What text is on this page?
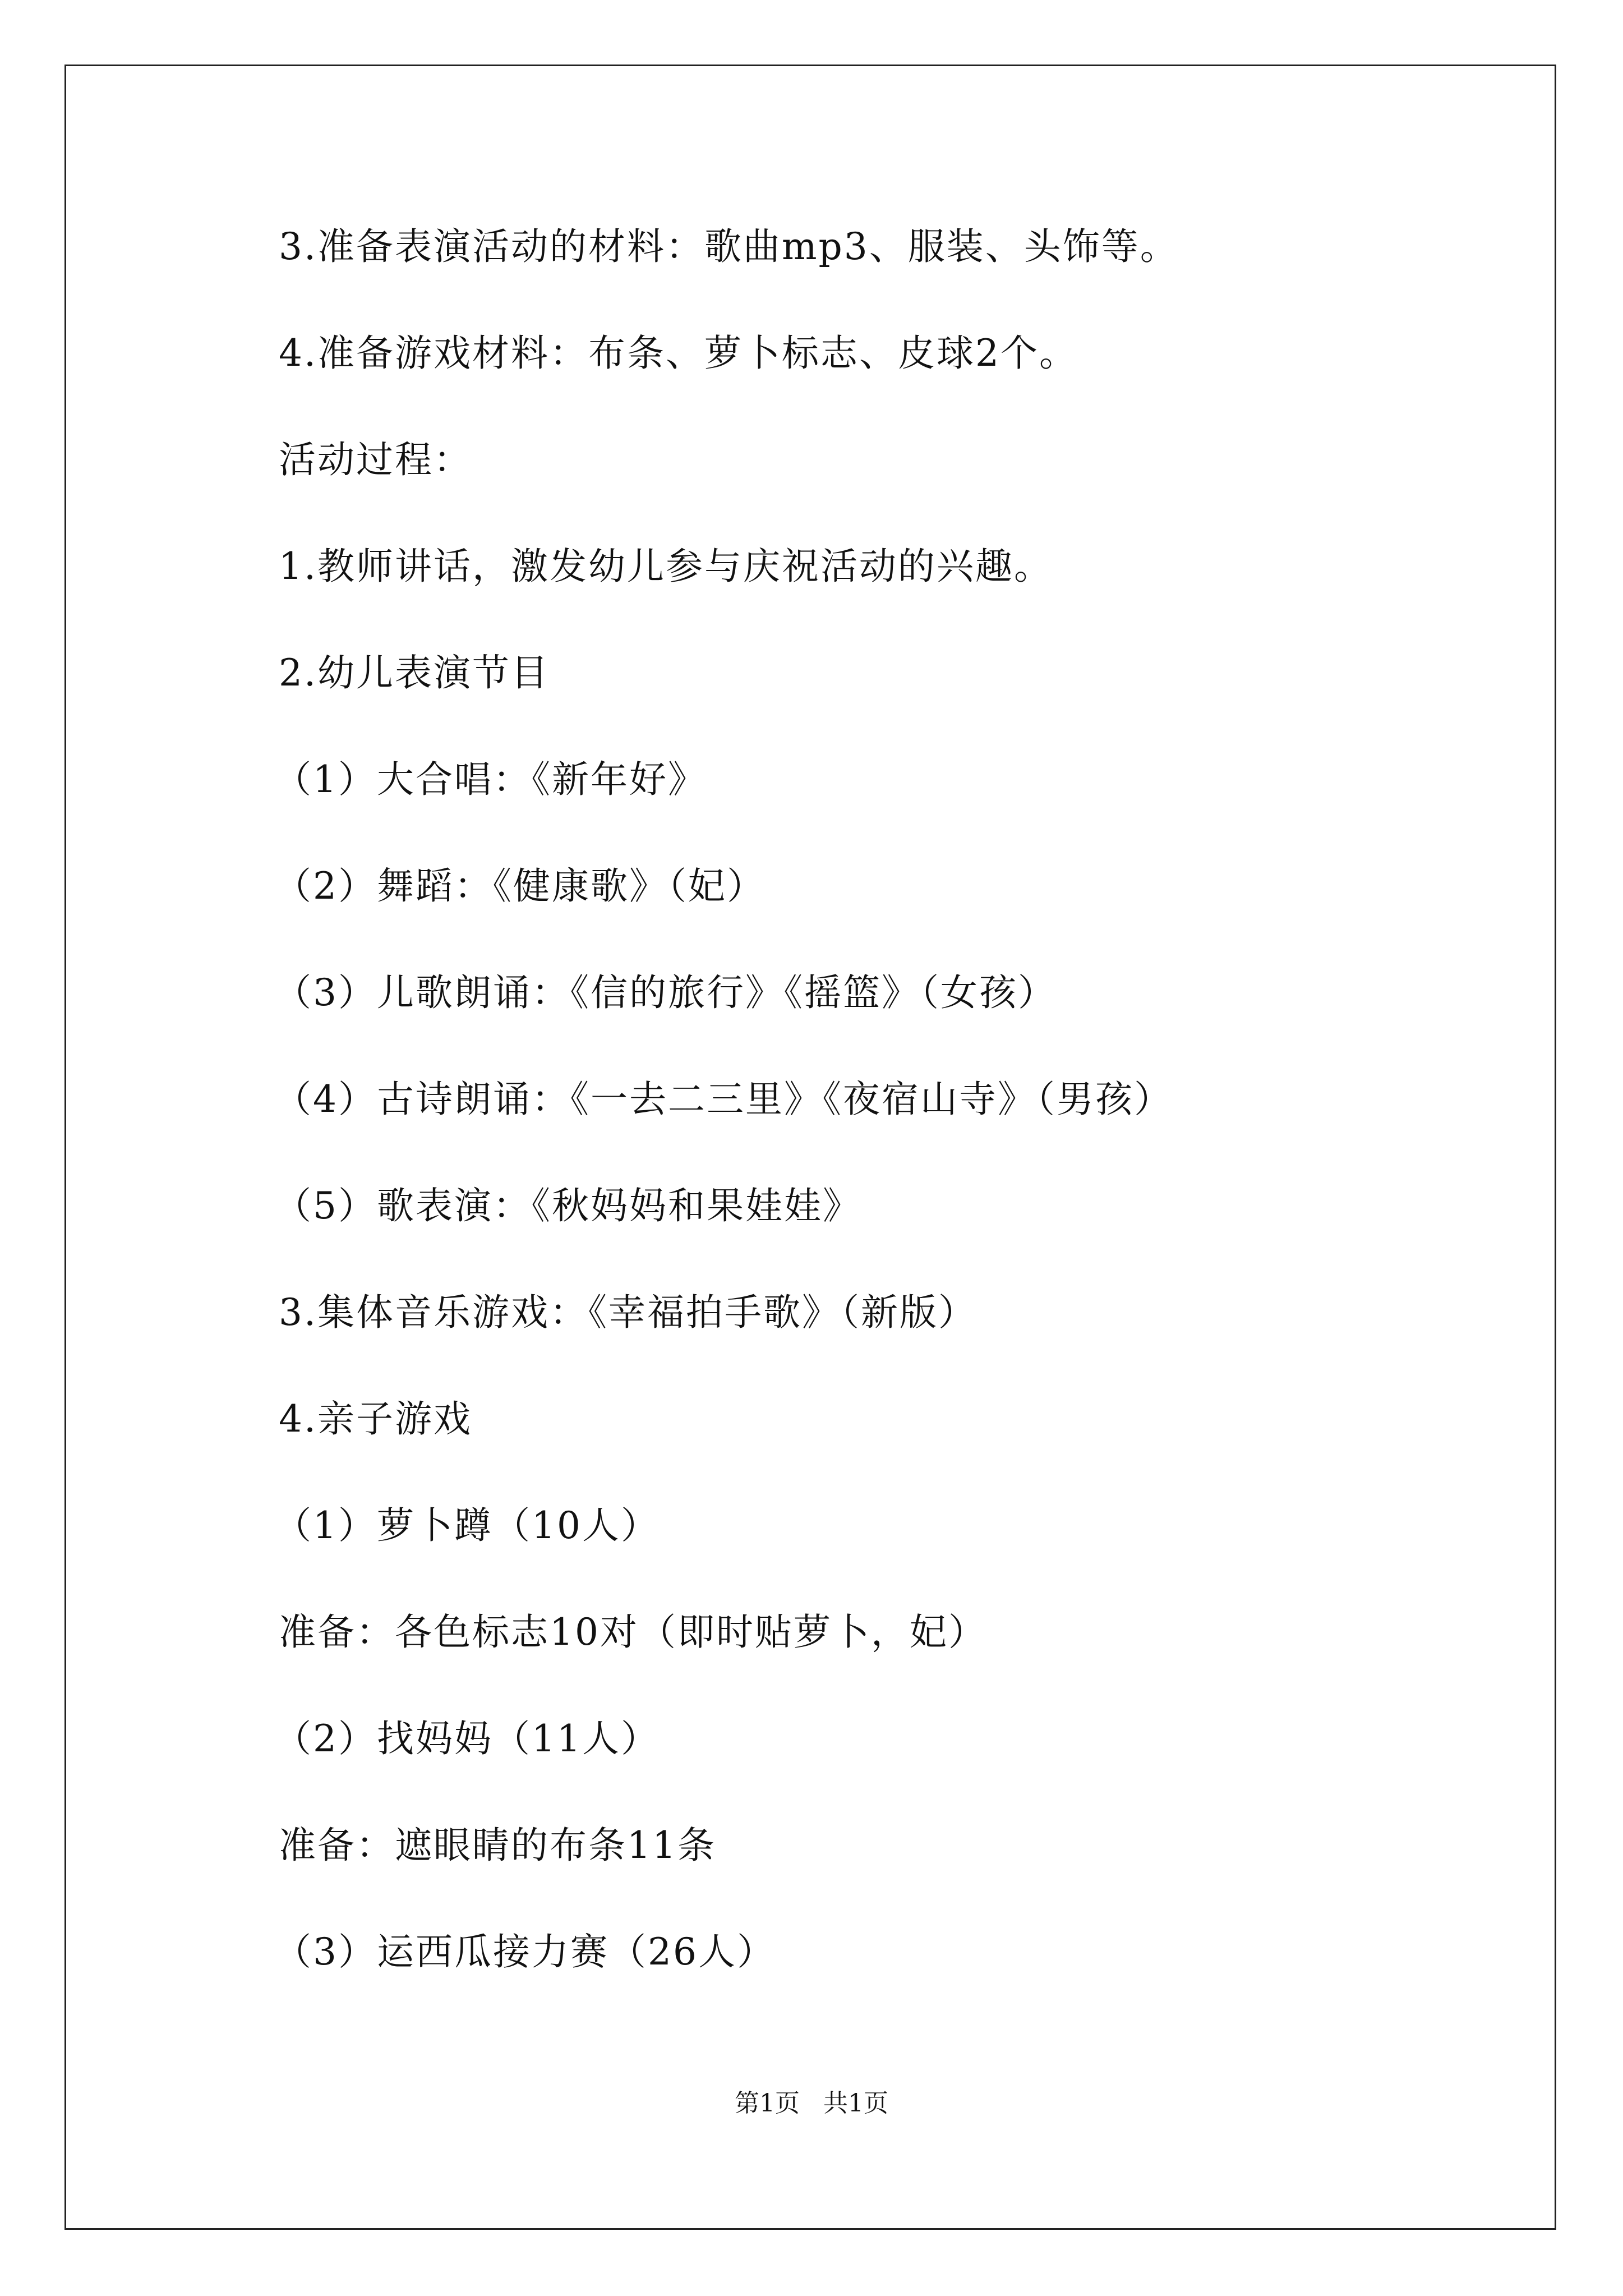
3.准备表演活动的材料：歌曲mp3、服装、头饰等。
4.准备游戏材料：布条、萝卜标志、皮球2个。
活动过程：
1.教师讲话，激发幼儿参与庆祝活动的兴趣。
2.幼儿表演节目
（1）大合唱：《新年好》
（2）舞蹈：《健康歌》（妃）
（3）儿歌朗诵：《信的旅行》《摇篮》（女孩）
（4）古诗朗诵：《一去二三里》《夜宿山寺》（男孩）
（5）歌表演：《秋妈妈和果娃娃》
3.集体音乐游戏：《幸福拍手歌》（新版）
4.亲子游戏
（1）萝卜蹲（10人）
准备：各色标志10对（即时贴萝卜，妃）
（2）找妈妈（11人）
准备：遮眼睛的布条11条
（3）运西瓜接力赛（26人）
第1页   共1页
